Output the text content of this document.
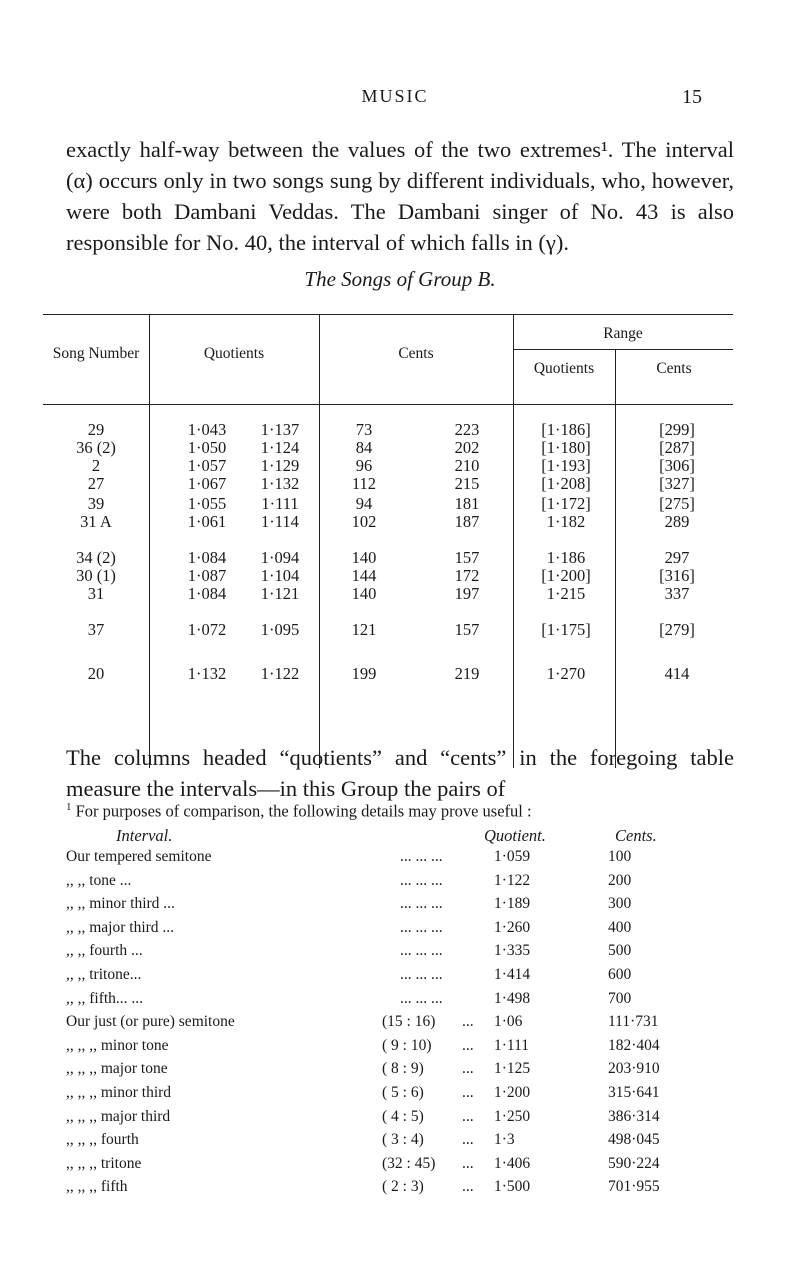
MUSIC	15

exactly half-way between the values of the two extremes¹. The interval (α) occurs only in two songs sung by different individuals, who, however, were both Dambani Veddas. The Dambani singer of No. 43 is also responsible for No. 40, the interval of which falls in (γ).

The Songs of Group B.
Song Number	Quotients	Cents
Range
Quotients	Cents
29	1·043	1·137	73	223	[1·186]	[299]
36 (2)	1·050	1·124	84	202	[1·180]	[287]
2	1·057	1·129	96	210	[1·193]	[306]
27	1·067	1·132	112	215	[1·208]	[327]
39	1·055	1·111	94	181	[1·172]	[275]
31 A	1·061	1·114	102	187	1·182	289
34 (2)	1·084	1·094	140	157	1·186	297
30 (1)	1·087	1·104	144	172	[1·200]	[316]
31	1·084	1·121	140	197	1·215	337
37	1·072	1·095	121	157	[1·175]	[279]
20	1·132	1·122	199	219	1·270	414

The columns headed “quotients” and “cents” in the foregoing table measure the intervals—in this Group the pairs of

$^1$ For purposes of comparison, the following details may prove useful :
Interval.	Quotient.	Cents.
Our tempered semitone	... ... ...	1·059	100
,, ,, tone ...	... ... ...	1·122	200
,, ,, minor third ...	... ... ...	1·189	300
,, ,, major third ...	... ... ...	1·260	400
,, ,, fourth ...	... ... ...	1·335	500
,, ,, tritone...	... ... ...	1·414	600
,, ,, fifth... ...	... ... ...	1·498	700
Our just (or pure) semitone	(15 : 16) ... 1·06	111·731
,, ,, ,, minor tone	( 9 : 10) ... 1·111	182·404
,, ,, ,, major tone	( 8 : 9) ... 1·125	203·910
,, ,, ,, minor third	( 5 : 6) ... 1·200	315·641
,, ,, ,, major third	( 4 : 5) ... 1·250	386·314
,, ,, ,, fourth	( 3 : 4) ... 1·3	498·045
,, ,, ,, tritone	(32 : 45) ... 1·406	590·224
,, ,, ,, fifth	( 2 : 3) ... 1·500	701·955
